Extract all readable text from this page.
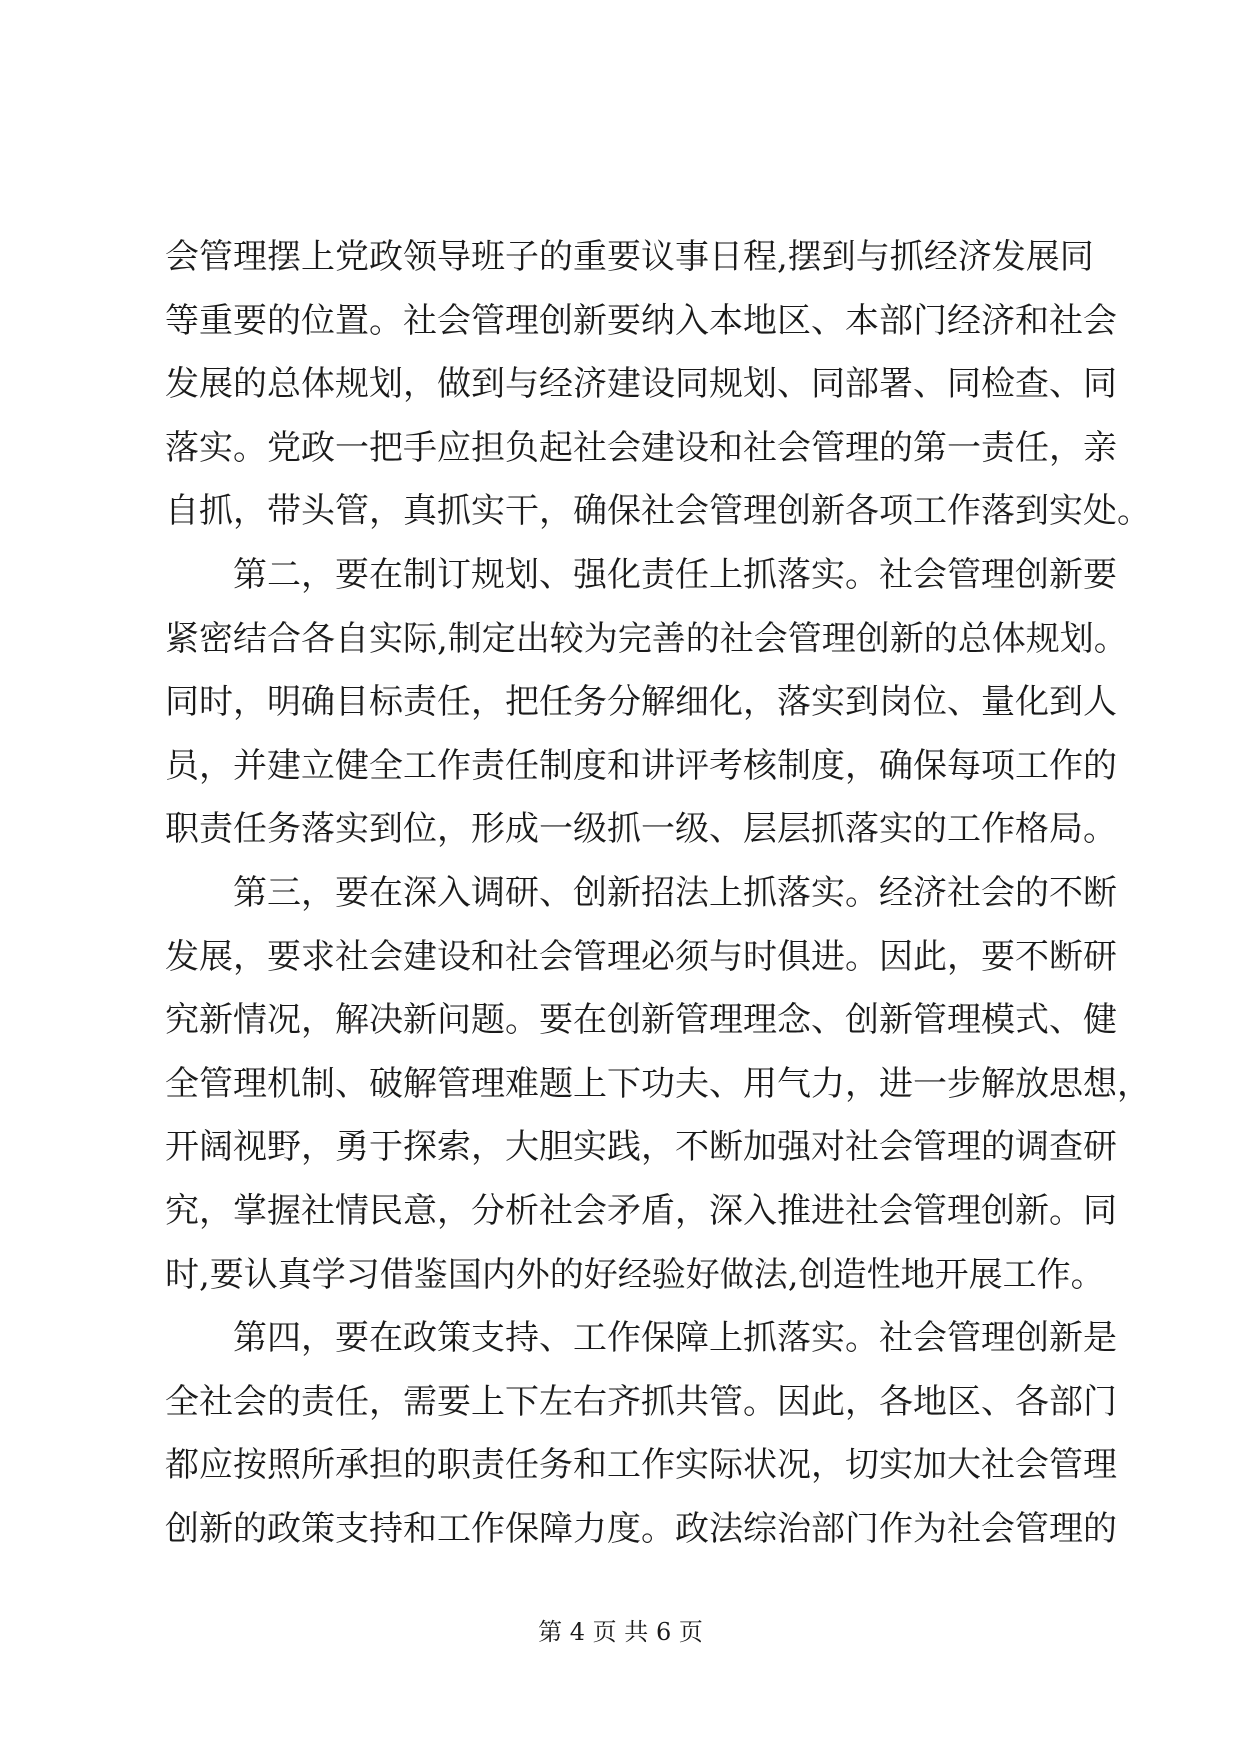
会管理摆上党政领导班子的重要议事日程,摆到与抓经济发展同
等重要的位置。社会管理创新要纳入本地区、本部门经济和社会
发展的总体规划，做到与经济建设同规划、同部署、同检查、同
落实。党政一把手应担负起社会建设和社会管理的第一责任，亲
自抓，带头管，真抓实干，确保社会管理创新各项工作落到实处。
第二，要在制订规划、强化责任上抓落实。社会管理创新要
紧密结合各自实际,制定出较为完善的社会管理创新的总体规划。
同时，明确目标责任，把任务分解细化，落实到岗位、量化到人
员，并建立健全工作责任制度和讲评考核制度，确保每项工作的
职责任务落实到位，形成一级抓一级、层层抓落实的工作格局。
第三，要在深入调研、创新招法上抓落实。经济社会的不断
发展，要求社会建设和社会管理必须与时俱进。因此，要不断研
究新情况，解决新问题。要在创新管理理念、创新管理模式、健
全管理机制、破解管理难题上下功夫、用气力，进一步解放思想，
开阔视野，勇于探索，大胆实践，不断加强对社会管理的调查研
究，掌握社情民意，分析社会矛盾，深入推进社会管理创新。同
时,要认真学习借鉴国内外的好经验好做法,创造性地开展工作。
第四，要在政策支持、工作保障上抓落实。社会管理创新是
全社会的责任，需要上下左右齐抓共管。因此，各地区、各部门
都应按照所承担的职责任务和工作实际状况，切实加大社会管理
创新的政策支持和工作保障力度。政法综治部门作为社会管理的
第 4 页 共 6 页
